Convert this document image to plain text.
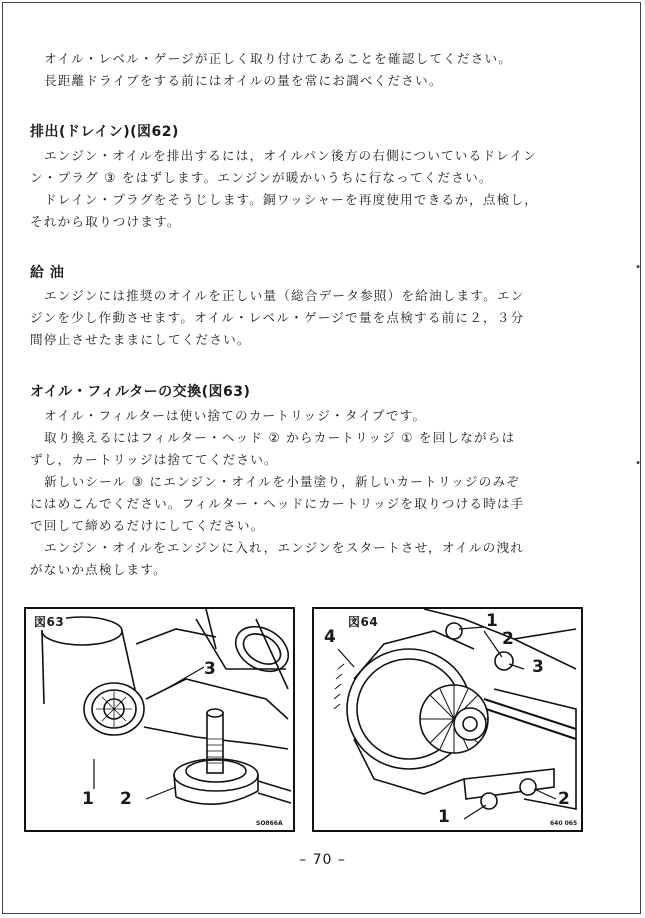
オイル・レベル・ゲージが正しく取り付けてあることを確認してください。
長距離ドライブをする前にはオイルの量を常にお調べください。
排出(ドレイン)(図62)
エンジン・オイルを排出するには，オイルパン後方の右側についているドレイン
ン・プラグ ③ をはずします。エンジンが暖かいうちに行なってください。
ドレイン・プラグをそうじします。銅ワッシャーを再度使用できるか，点検し，
それから取りつけます。
給 油
エンジンには推奨のオイルを正しい量（総合データ参照）を給油します。エン
ジンを少し作動させます。オイル・レベル・ゲージで量を点検する前に２，３分
間停止させたままにしてください。
オイル・フィルターの交換(図63)
オイル・フィルターは使い捨てのカートリッジ・タイプです。
取り換えるにはフィルター・ヘッド ② からカートリッジ ① を回しながらは
ずし，カートリッジは捨ててください。
新しいシール ③ にエンジン・オイルを小量塗り，新しいカートリッジのみぞ
にはめこんでください。フィルター・ヘッドにカートリッジを取りつける時は手
で回して締めるだけにしてください。
エンジン・オイルをエンジンに入れ，エンジンをスタートさせ，オイルの洩れ
がないか点検します。
•
•
図63
1 2
3
SO866A
図64	1
2
3
4
1
2
640 065
– 70 –
